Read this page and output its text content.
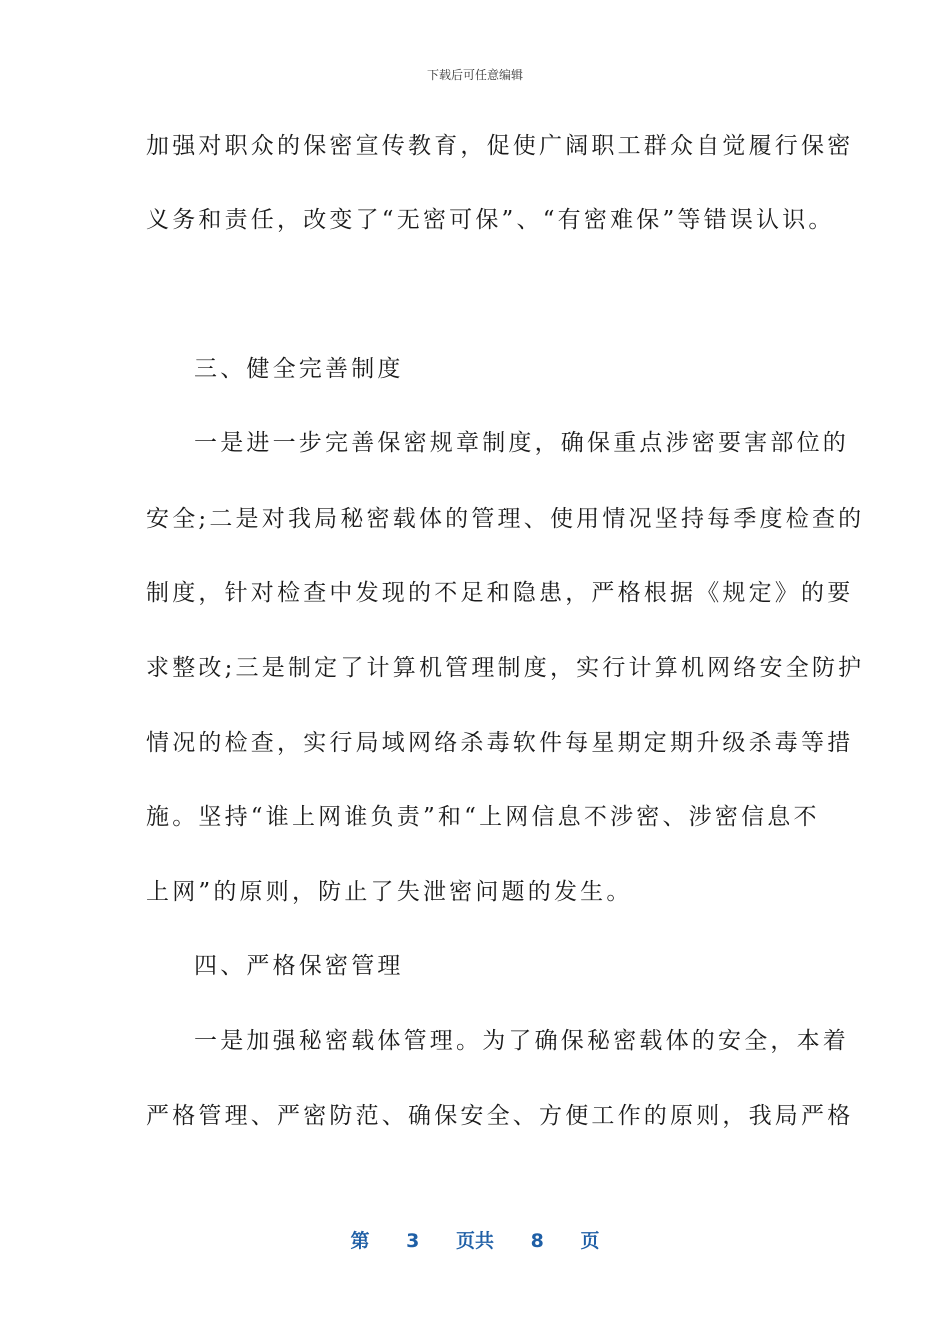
下载后可任意编辑
加强对职众的保密宣传教育，促使广阔职工群众自觉履行保密
义务和责任，改变了“无密可保”、“有密难保”等错误认识。
三、健全完善制度
一是进一步完善保密规章制度，确保重点涉密要害部位的
安全;二是对我局秘密载体的管理、使用情况坚持每季度检查的
制度，针对检查中发现的不足和隐患，严格根据《规定》的要
求整改;三是制定了计算机管理制度，实行计算机网络安全防护
情况的检查，实行局域网络杀毒软件每星期定期升级杀毒等措
施。坚持“谁上网谁负责”和“上网信息不涉密、涉密信息不
上网”的原则，防止了失泄密问题的发生。
四、严格保密管理
一是加强秘密载体管理。为了确保秘密载体的安全，本着
严格管理、严密防范、确保安全、方便工作的原则，我局严格
第 3 页共 8 页
